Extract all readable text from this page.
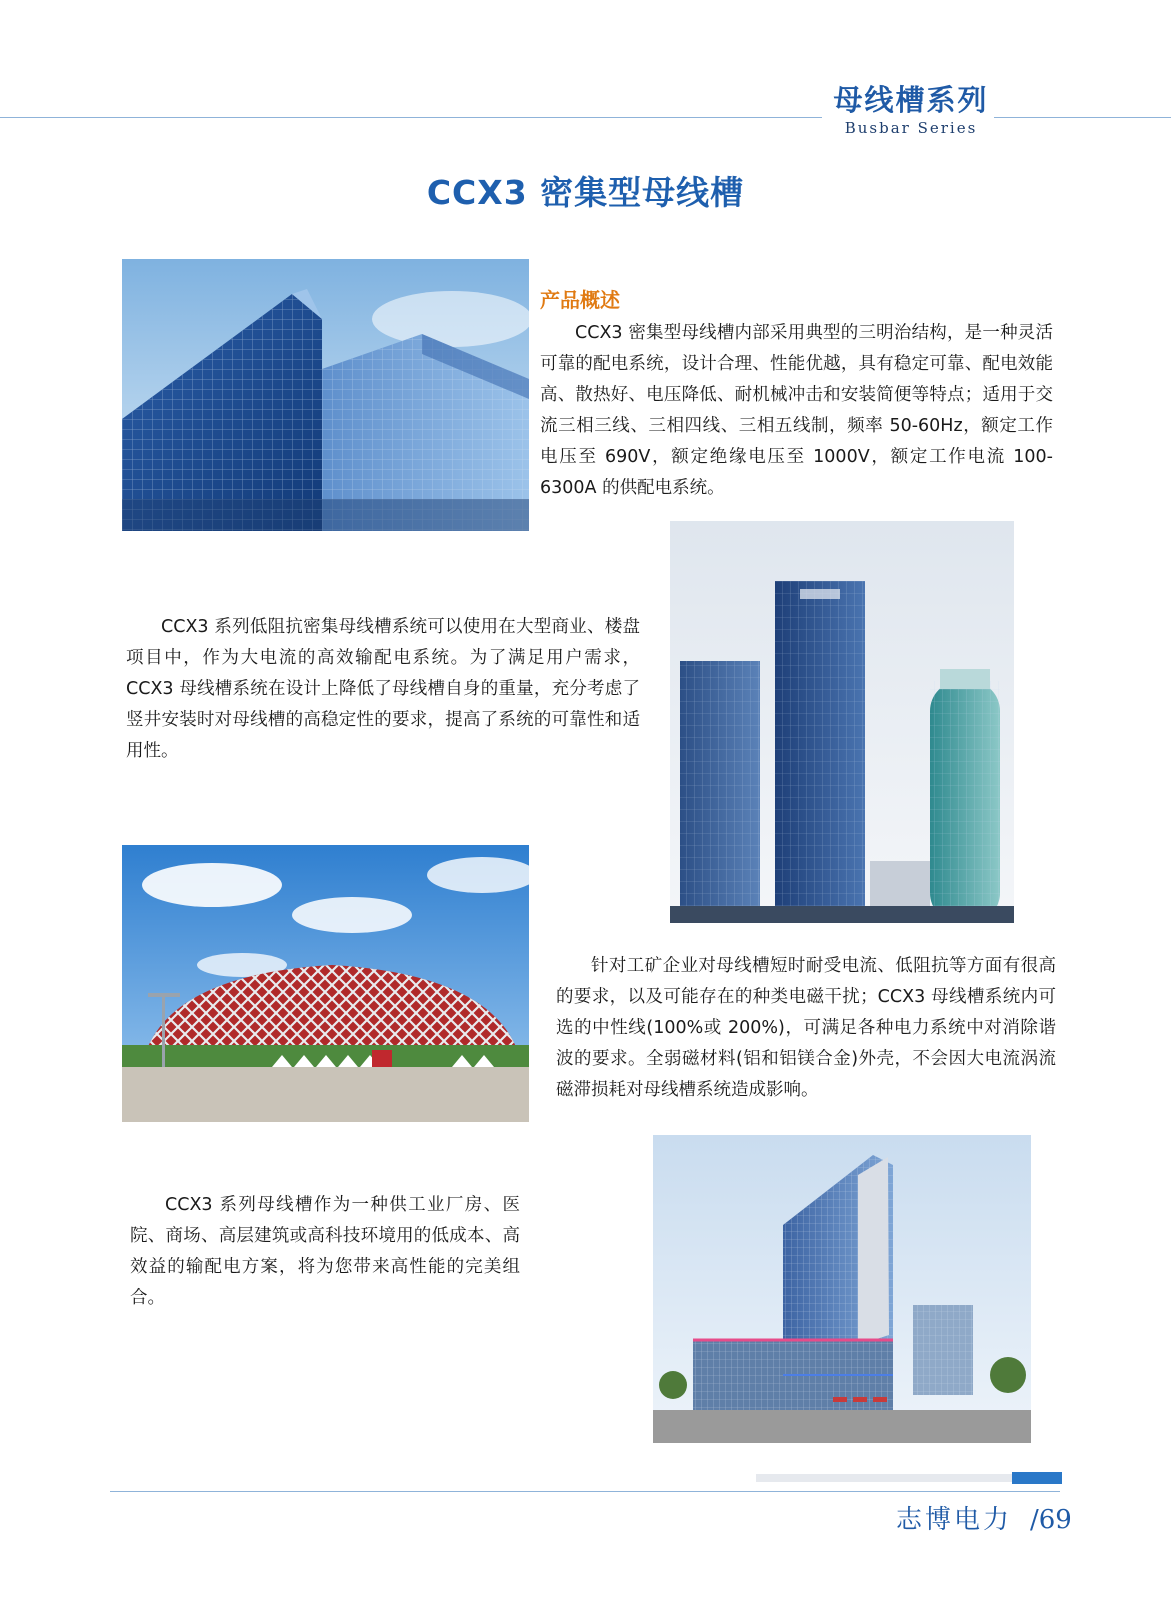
母线槽系列
Busbar Series
CCX3 密集型母线槽
产品概述

CCX3 密集型母线槽内部采用典型的三明治结构，是一种灵活可靠的配电系统，设计合理、性能优越，具有稳定可靠、配电效能高、散热好、电压降低、耐机械冲击和安装简便等特点；适用于交流三相三线、三相四线、三相五线制，频率 50-60Hz，额定工作电压至 690V，额定绝缘电压至 1000V，额定工作电流 100-6300A 的供配电系统。

CCX3 系列低阻抗密集母线槽系统可以使用在大型商业、楼盘项目中，作为大电流的高效输配电系统。为了满足用户需求，CCX3 母线槽系统在设计上降低了母线槽自身的重量，充分考虑了竖井安装时对母线槽的高稳定性的要求，提高了系统的可靠性和适用性。

针对工矿企业对母线槽短时耐受电流、低阻抗等方面有很高的要求，以及可能存在的种类电磁干扰；CCX3 母线槽系统内可选的中性线(100%或 200%)，可满足各种电力系统中对消除谐波的要求。全弱磁材料(铝和铝镁合金)外壳，不会因大电流涡流磁滞损耗对母线槽系统造成影响。

CCX3 系列母线槽作为一种供工业厂房、医院、商场、高层建筑或高科技环境用的低成本、高效益的输配电方案，将为您带来高性能的完美组合。

志博电力 /69
